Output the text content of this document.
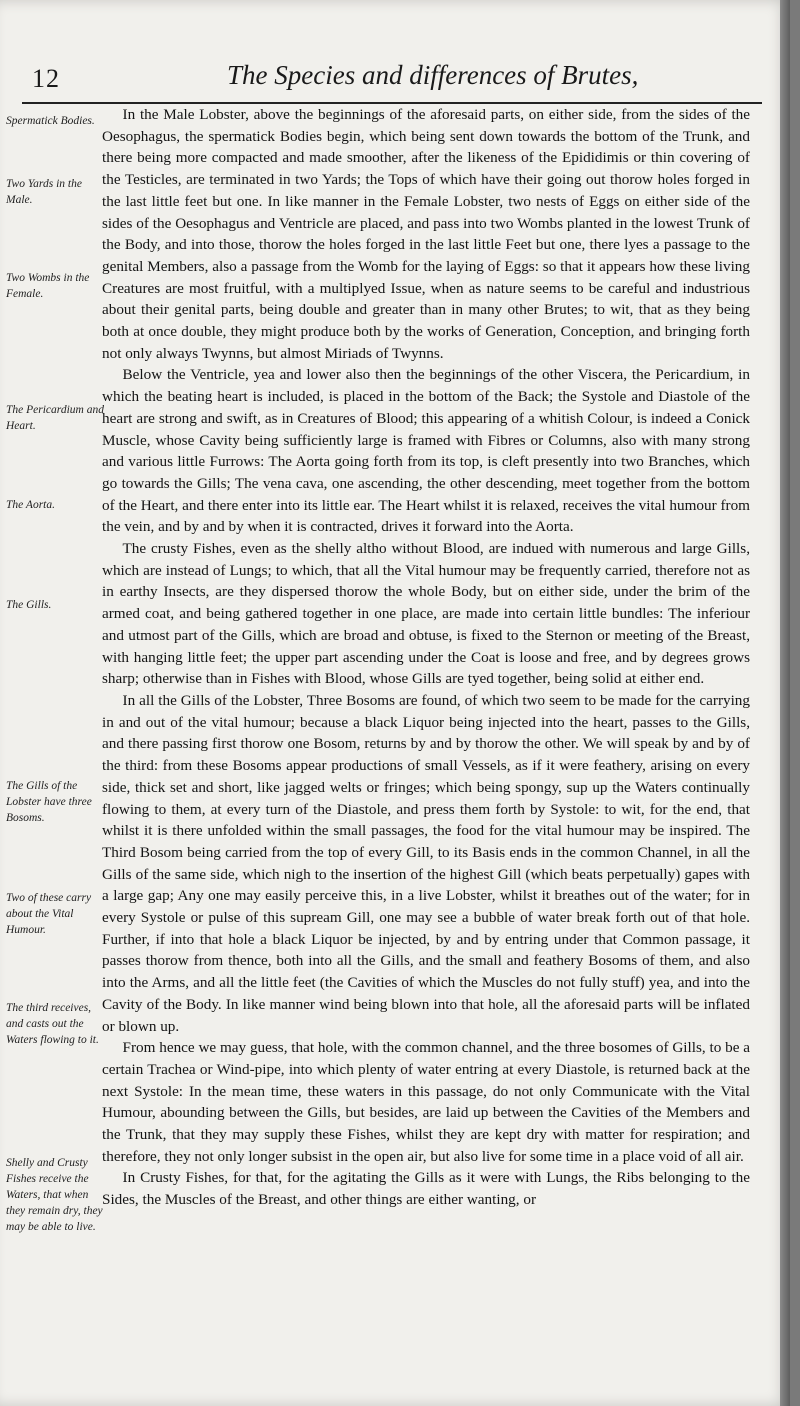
12	The Species and differences of Brutes,
Spermatick Bodies.
Two Yards in the Male.
Two Wombs in the Female.
The Pericardium and Heart.
The Aorta.
The Gills.
The Gills of the Lobster have three Bosoms.
Two of these carry about the Vital Humour.
The third receives, and casts out the Waters flowing to it.
Shelly and Crusty Fishes receive the Waters, that when they remain dry, they may be able to live.

In the Male Lobster, above the beginnings of the aforesaid parts, on either side, from the sides of the Oesophagus, the spermatick Bodies begin, which being sent down towards the bottom of the Trunk, and there being more compacted and made smoother, after the likeness of the Epididimis or thin covering of the Testicles, are terminated in two Yards; the Tops of which have their going out thorow holes forged in the last little feet but one. In like manner in the Female Lobster, two nests of Eggs on either side of the sides of the Oesophagus and Ventricle are placed, and pass into two Wombs planted in the lowest Trunk of the Body, and into those, thorow the holes forged in the last little Feet but one, there lyes a passage to the genital Members, also a passage from the Womb for the laying of Eggs: so that it appears how these living Creatures are most fruitful, with a multiplyed Issue, when as nature seems to be careful and industrious about their genital parts, being double and greater than in many other Brutes; to wit, that as they being both at once double, they might produce both by the works of Generation, Conception, and bringing forth not only always Twynns, but almost Miriads of Twynns.

Below the Ventricle, yea and lower also then the beginnings of the other Viscera, the Pericardium, in which the beating heart is included, is placed in the bottom of the Back; the Systole and Diastole of the heart are strong and swift, as in Creatures of Blood; this appearing of a whitish Colour, is indeed a Conick Muscle, whose Cavity being sufficiently large is framed with Fibres or Columns, also with many strong and various little Furrows: The Aorta going forth from its top, is cleft presently into two Branches, which go towards the Gills; The vena cava, one ascending, the other descending, meet together from the bottom of the Heart, and there enter into its little ear. The Heart whilst it is relaxed, receives the vital humour from the vein, and by and by when it is contracted, drives it forward into the Aorta.

The crusty Fishes, even as the shelly altho without Blood, are indued with numerous and large Gills, which are instead of Lungs; to which, that all the Vital humour may be frequently carried, therefore not as in earthy Insects, are they dispersed thorow the whole Body, but on either side, under the brim of the armed coat, and being gathered together in one place, are made into certain little bundles: The inferiour and utmost part of the Gills, which are broad and obtuse, is fixed to the Sternon or meeting of the Breast, with hanging little feet; the upper part ascending under the Coat is loose and free, and by degrees grows sharp; otherwise than in Fishes with Blood, whose Gills are tyed together, being solid at either end.

In all the Gills of the Lobster, Three Bosoms are found, of which two seem to be made for the carrying in and out of the vital humour; because a black Liquor being injected into the heart, passes to the Gills, and there passing first thorow one Bosom, returns by and by thorow the other. We will speak by and by of the third: from these Bosoms appear productions of small Vessels, as if it were feathery, arising on every side, thick set and short, like jagged welts or fringes; which being spongy, sup up the Waters continually flowing to them, at every turn of the Diastole, and press them forth by Systole: to wit, for the end, that whilst it is there unfolded within the small passages, the food for the vital humour may be inspired. The Third Bosom being carried from the top of every Gill, to its Basis ends in the common Channel, in all the Gills of the same side, which nigh to the insertion of the highest Gill (which beats perpetually) gapes with a large gap; Any one may easily perceive this, in a live Lobster, whilst it breathes out of the water; for in every Systole or pulse of this supream Gill, one may see a bubble of water break forth out of that hole. Further, if into that hole a black Liquor be injected, by and by entring under that Common passage, it passes thorow from thence, both into all the Gills, and the small and feathery Bosoms of them, and also into the Arms, and all the little feet (the Cavities of which the Muscles do not fully stuff) yea, and into the Cavity of the Body. In like manner wind being blown into that hole, all the aforesaid parts will be inflated or blown up.

From hence we may guess, that hole, with the common channel, and the three bosomes of Gills, to be a certain Trachea or Wind-pipe, into which plenty of water entring at every Diastole, is returned back at the next Systole: In the mean time, these waters in this passage, do not only Communicate with the Vital Humour, abounding between the Gills, but besides, are laid up between the Cavities of the Members and the Trunk, that they may supply these Fishes, whilst they are kept dry with matter for respiration; and therefore, they not only longer subsist in the open air, but also live for some time in a place void of all air.

In Crusty Fishes, for that, for the agitating the Gills as it were with Lungs, the Ribs belonging to the Sides, the Muscles of the Breast, and other things are either wanting, or
